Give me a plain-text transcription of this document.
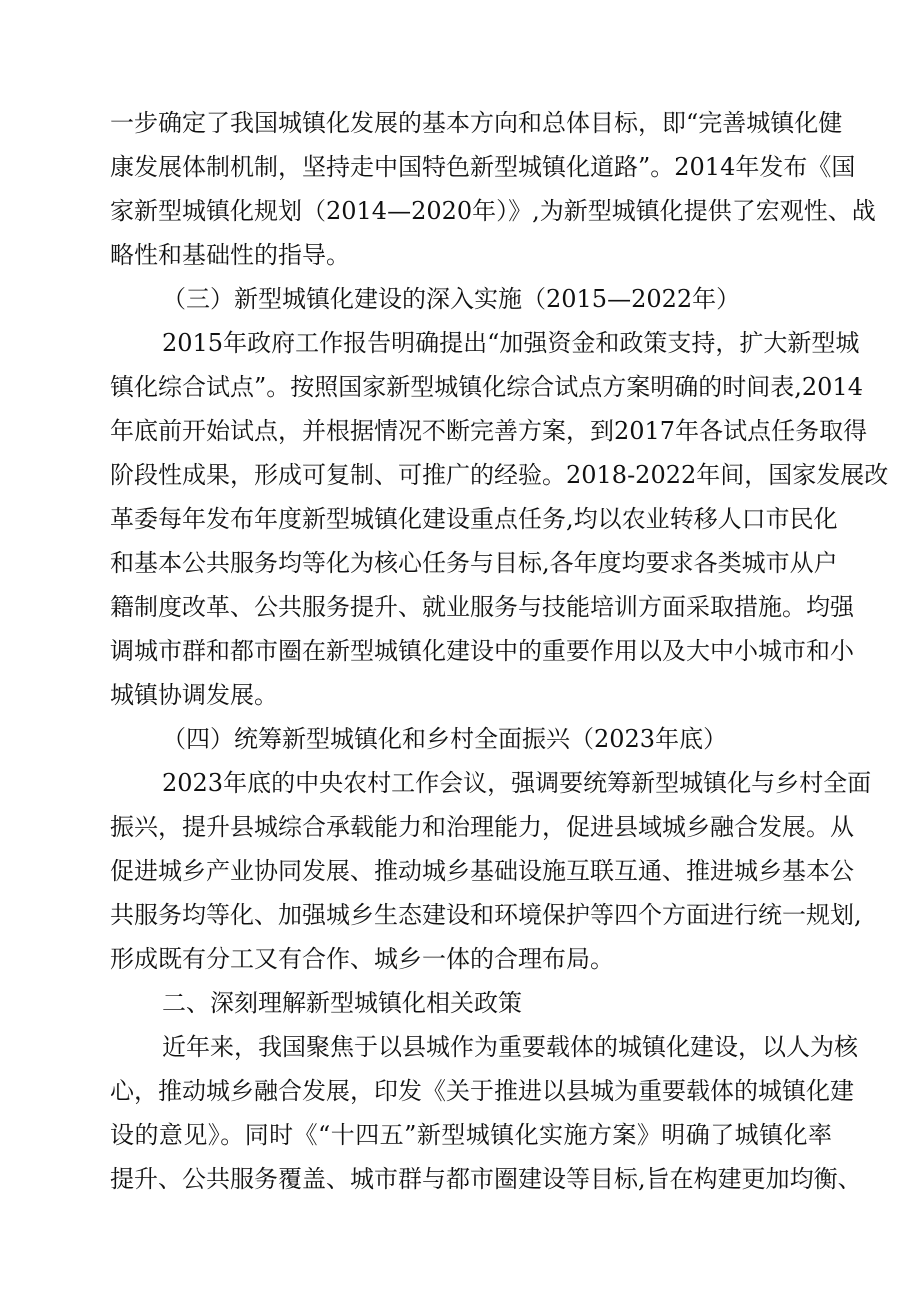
一步确定了我国城镇化发展的基本方向和总体目标，即“完善城镇化健
康发展体制机制，坚持走中国特色新型城镇化道路”。2014年发布《国
家新型城镇化规划（2014—2020年）》,为新型城镇化提供了宏观性、战
略性和基础性的指导。
（三）新型城镇化建设的深入实施（2015—2022年）
2015年政府工作报告明确提出“加强资金和政策支持，扩大新型城
镇化综合试点”。按照国家新型城镇化综合试点方案明确的时间表,2014
年底前开始试点，并根据情况不断完善方案，到2017年各试点任务取得
阶段性成果，形成可复制、可推广的经验。2018-2022年间，国家发展改
革委每年发布年度新型城镇化建设重点任务,均以农业转移人口市民化
和基本公共服务均等化为核心任务与目标,各年度均要求各类城市从户
籍制度改革、公共服务提升、就业服务与技能培训方面采取措施。均强
调城市群和都市圈在新型城镇化建设中的重要作用以及大中小城市和小
城镇协调发展。
（四）统筹新型城镇化和乡村全面振兴（2023年底）
2023年底的中央农村工作会议，强调要统筹新型城镇化与乡村全面
振兴，提升县城综合承载能力和治理能力，促进县域城乡融合发展。从
促进城乡产业协同发展、推动城乡基础设施互联互通、推进城乡基本公
共服务均等化、加强城乡生态建设和环境保护等四个方面进行统一规划,
形成既有分工又有合作、城乡一体的合理布局。
二、深刻理解新型城镇化相关政策
近年来，我国聚焦于以县城作为重要载体的城镇化建设，以人为核
心，推动城乡融合发展，印发《关于推进以县城为重要载体的城镇化建
设的意见》。同时《“十四五”新型城镇化实施方案》明确了城镇化率
提升、公共服务覆盖、城市群与都市圈建设等目标,旨在构建更加均衡、
